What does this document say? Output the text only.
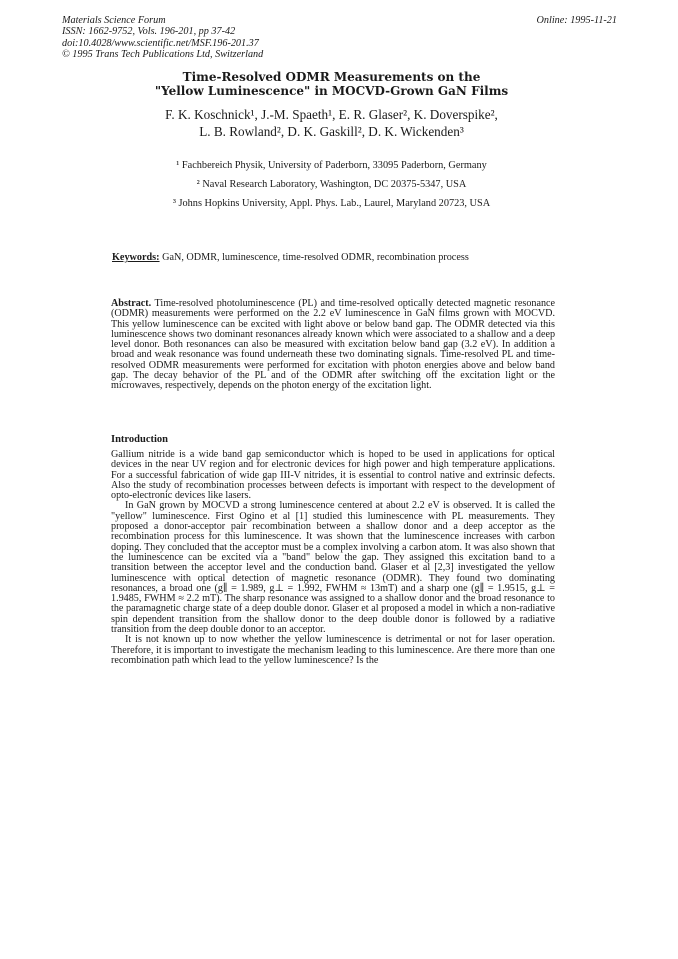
Materials Science Forum
ISSN: 1662-9752, Vols. 196-201, pp 37-42
doi:10.4028/www.scientific.net/MSF.196-201.37
© 1995 Trans Tech Publications Ltd, Switzerland
Online: 1995-11-21
Time-Resolved ODMR Measurements on the
"Yellow Luminescence" in MOCVD-Grown GaN Films
F. K. Koschnick¹, J.-M. Spaeth¹, E. R. Glaser², K. Doverspike²,
L. B. Rowland², D. K. Gaskill², D. K. Wickenden³
¹ Fachbereich Physik, University of Paderborn, 33095 Paderborn, Germany
² Naval Research Laboratory, Washington, DC 20375-5347, USA
³ Johns Hopkins University, Appl. Phys. Lab., Laurel, Maryland 20723, USA
Keywords: GaN, ODMR, luminescence, time-resolved ODMR, recombination process
Abstract. Time-resolved photoluminescence (PL) and time-resolved optically detected magnetic resonance (ODMR) measurements were performed on the 2.2 eV luminescence in GaN films grown with MOCVD. This yellow luminescence can be excited with light above or below band gap. The ODMR detected via this luminescence shows two dominant resonances already known which were associated to a shallow and a deep level donor. Both resonances can also be measured with excitation below band gap (3.2 eV). In addition a broad and weak resonance was found underneath these two dominating signals. Time-resolved PL and time-resolved ODMR measurements were performed for excitation with photon energies above and below band gap. The decay behavior of the PL and of the ODMR after switching off the excitation light or the microwaves, respectively, depends on the photon energy of the excitation light.
Introduction
Gallium nitride is a wide band gap semiconductor which is hoped to be used in applications for optical devices in the near UV region and for electronic devices for high power and high temperature applications. For a successful fabrication of wide gap III-V nitrides, it is essential to control native and extrinsic defects. Also the study of recombination processes between defects is important with respect to the development of opto-electronic devices like lasers.
In GaN grown by MOCVD a strong luminescence centered at about 2.2 eV is observed. It is called the "yellow" luminescence. First Ogino et al [1] studied this luminescence with PL measurements. They proposed a donor-acceptor pair recombination between a shallow donor and a deep acceptor as the recombination process for this luminescence. It was shown that the luminescence increases with carbon doping. They concluded that the acceptor must be a complex involving a carbon atom. It was also shown that the luminescence can be excited via a "band" below the gap. They assigned this excitation band to a transition between the acceptor level and the conduction band. Glaser et al [2,3] investigated the yellow luminescence with optical detection of magnetic resonance (ODMR). They found two dominating resonances, a broad one (g∥ = 1.989, g⊥ = 1.992, FWHM ≈ 13mT) and a sharp one (g∥ = 1.9515, g⊥ = 1.9485, FWHM ≈ 2.2 mT). The sharp resonance was assigned to a shallow donor and the broad resonance to the paramagnetic charge state of a deep double donor. Glaser et al proposed a model in which a non-radiative spin dependent transition from the shallow donor to the deep double donor is followed by a radiative transition from the deep double donor to an acceptor.
It is not known up to now whether the yellow luminescence is detrimental or not for laser operation. Therefore, it is important to investigate the mechanism leading to this luminescence. Are there more than one recombination path which lead to the yellow luminescence? Is the
